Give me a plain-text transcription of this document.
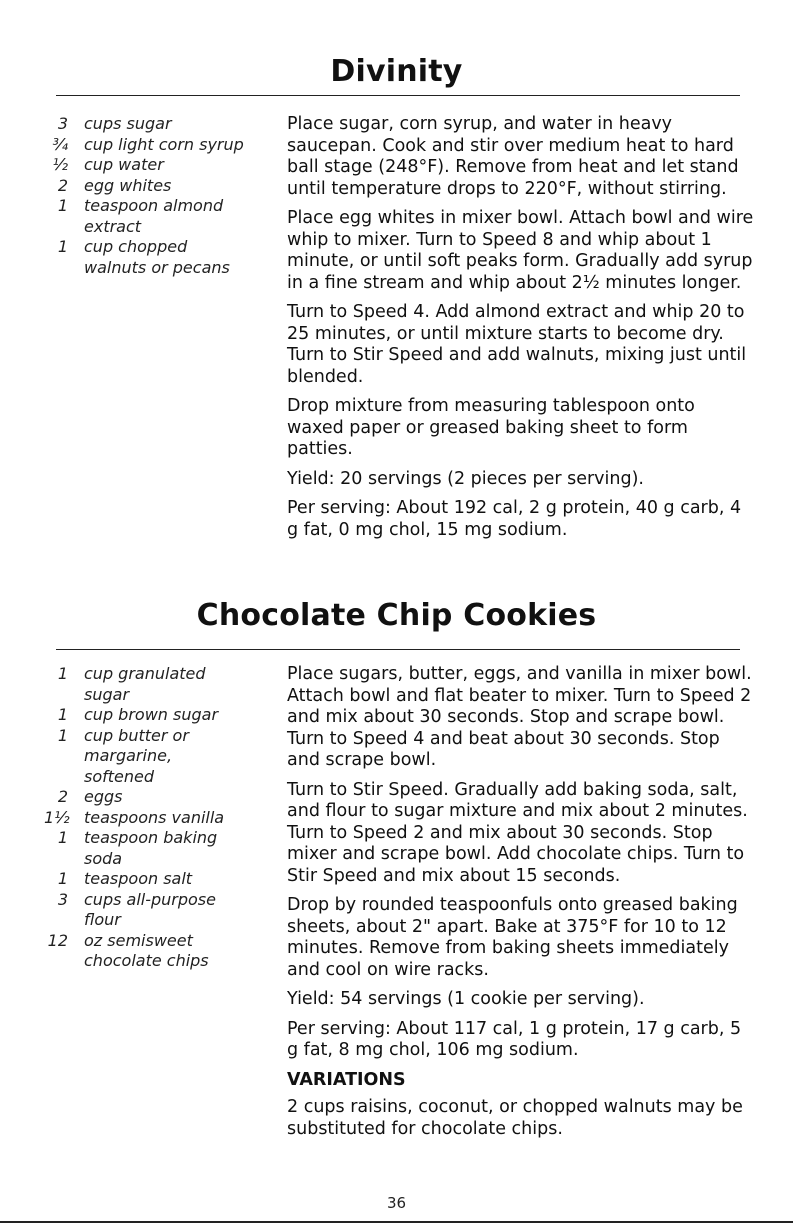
Divinity
3	cups sugar
¾	cup light corn syrup
½	cup water
2	egg whites
1	teaspoon almond
extract
1	cup chopped
walnuts or pecans

Place sugar, corn syrup, and water in heavy saucepan. Cook and stir over medium heat to hard ball stage (248°F). Remove from heat and let stand until temperature drops to 220°F, without stirring.

Place egg whites in mixer bowl. Attach bowl and wire whip to mixer. Turn to Speed 8 and whip about 1 minute, or until soft peaks form. Gradually add syrup in a fine stream and whip about 2½ minutes longer.

Turn to Speed 4. Add almond extract and whip 20 to 25 minutes, or until mixture starts to become dry. Turn to Stir Speed and add walnuts, mixing just until blended.

Drop mixture from measuring tablespoon onto waxed paper or greased baking sheet to form patties.

Yield: 20 servings (2 pieces per serving).

Per serving: About 192 cal, 2 g protein, 40 g carb, 4 g fat, 0 mg chol, 15 mg sodium.

Chocolate Chip Cookies
1	cup granulated
sugar
1	cup brown sugar
1	cup butter or
margarine,
softened
2	eggs
1½ teaspoons vanilla
1	teaspoon baking
soda
1	teaspoon salt
3	cups all-purpose
flour
12	oz semisweet
chocolate chips

Place sugars, butter, eggs, and vanilla in mixer bowl. Attach bowl and flat beater to mixer. Turn to Speed 2 and mix about 30 seconds. Stop and scrape bowl. Turn to Speed 4 and beat about 30 seconds. Stop and scrape bowl.

Turn to Stir Speed. Gradually add baking soda, salt, and flour to sugar mixture and mix about 2 minutes. Turn to Speed 2 and mix about 30 seconds. Stop mixer and scrape bowl. Add chocolate chips. Turn to Stir Speed and mix about 15 seconds.

Drop by rounded teaspoonfuls onto greased baking sheets, about 2" apart. Bake at 375°F for 10 to 12 minutes. Remove from baking sheets immediately and cool on wire racks.

Yield: 54 servings (1 cookie per serving).

Per serving: About 117 cal, 1 g protein, 17 g carb, 5 g fat, 8 mg chol, 106 mg sodium.

VARIATIONS

2 cups raisins, coconut, or chopped walnuts may be substituted for chocolate chips.

36
